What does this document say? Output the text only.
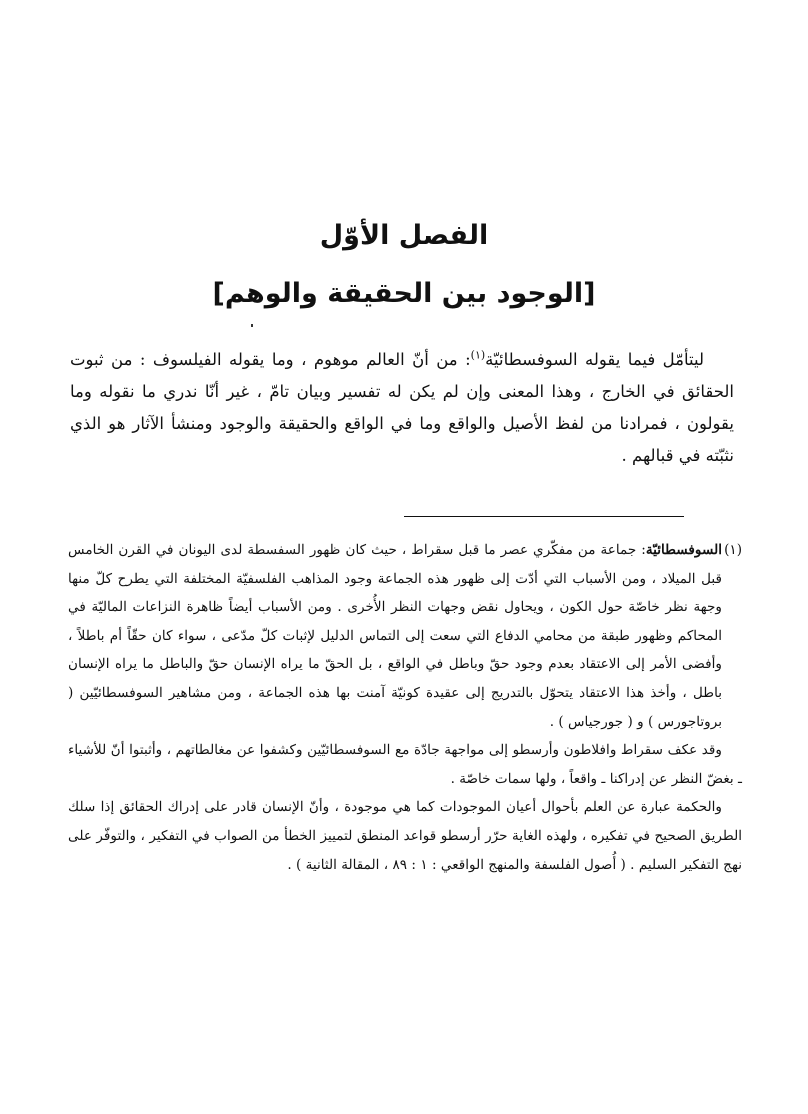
الفصل الأوّل
[الوجود بين الحقيقة والوهم]

ليتأمّل فيما يقوله السوفسطائيّة$^{(١)}$: من أنّ العالم موهوم ، وما يقوله الفيلسوف : من ثبوت الحقائق في الخارج ، وهذا المعنى وإن لم يكن له تفسير وبيان تامّ ، غير أنّا ندري ما نقوله وما يقولون ، فمرادنا من لفظ الأصيل والواقع وما في الواقع والحقيقة والوجود ومنشأ الآثار هو الذي نثبّته في قبالهم .

(١)السوفسطائيّة: جماعة من مفكّري عصر ما قبل سقراط ، حيث كان ظهور السفسطة لدى اليونان في القرن الخامس قبل الميلاد ، ومن الأسباب التي أدّت إلى ظهور هذه الجماعة وجود المذاهب الفلسفيّة المختلفة التي يطرح كلّ منها وجهة نظر خاصّة حول الكون ، ويحاول نقض وجهات النظر الأُخرى . ومن الأسباب أيضاً ظاهرة النزاعات الماليّة في المحاكم وظهور طبقة من محامي الدفاع التي سعت إلى التماس الدليل لإثبات كلّ مدّعى ، سواء كان حقّاً أم باطلاً ، وأفضى الأمر إلى الاعتقاد بعدم وجود حقّ وباطل في الواقع ، بل الحقّ ما يراه الإنسان حقّ والباطل ما يراه الإنسان باطل ، وأخذ هذا الاعتقاد يتحوّل بالتدريج إلى عقيدة كونيّة آمنت بها هذه الجماعة ، ومن مشاهير السوفسطائيّين ( بروتاجورس ) و ( جورجياس ) .

وقد عكف سقراط وافلاطون وأرسطو إلى مواجهة جادّة مع السوفسطائيّين وكشفوا عن مغالطاتهم ، وأثبتوا أنّ للأشياء ـ بغضّ النظر عن إدراكنا ـ واقعاً ، ولها سمات خاصّة .

والحكمة عبارة عن العلم بأحوال أعيان الموجودات كما هي موجودة ، وأنّ الإنسان قادر على إدراك الحقائق إذا سلك الطريق الصحيح في تفكيره ، ولهذه الغاية حرّر أرسطو قواعد المنطق لتمييز الخطأ من الصواب في التفكير ، والتوفّر على نهج التفكير السليم . ( أُصول الفلسفة والمنهج الواقعي : ١ : ٨٩ ، المقالة الثانية ) .
